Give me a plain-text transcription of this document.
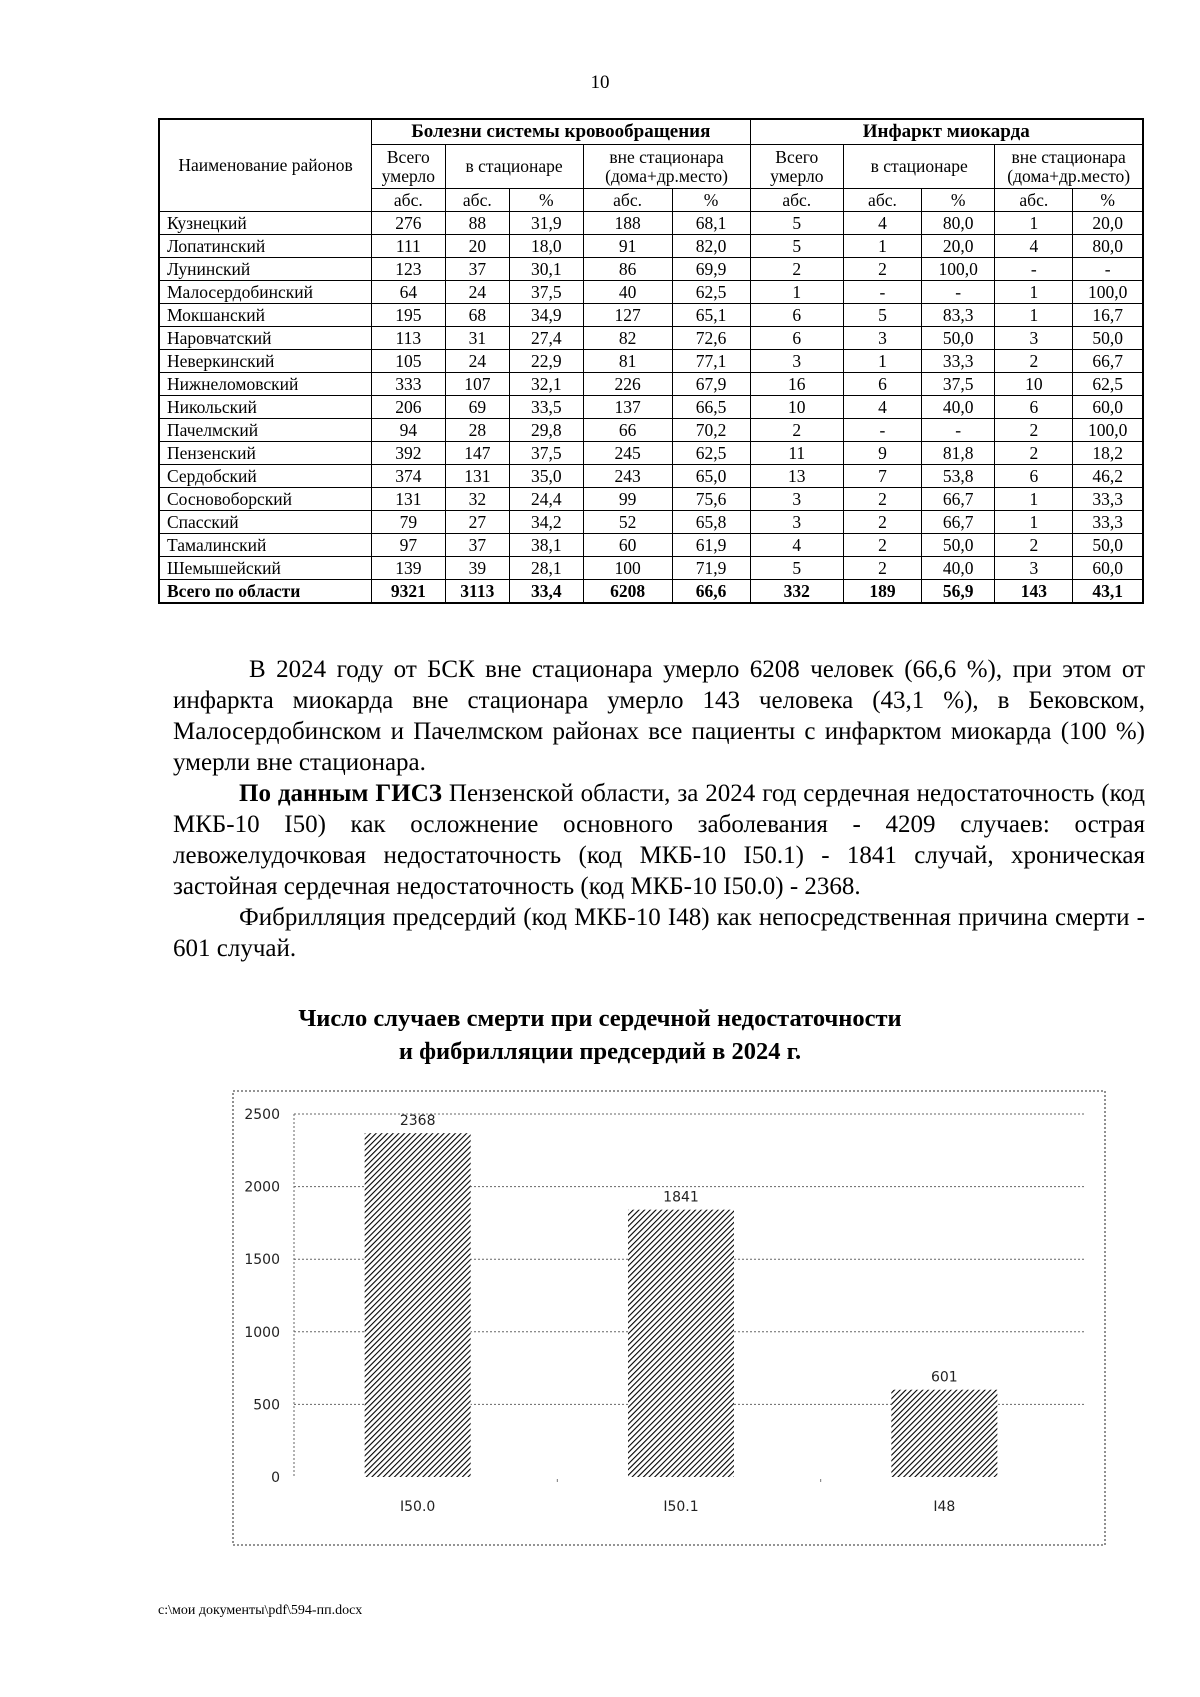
10
Наименование районов	Болезни системы кровообращения					Инфаркт миокарда				
	Всего умерло	в стационаре		вне стационара (дома+др.место)		Всего умерло	в стационаре		вне стационара (дома+др.место)	
	абс.	абс.	%	абс.	%	абс.	абс.	%	абс.	%
Кузнецкий	276	88	31,9	188	68,1	5	4	80,0	1	20,0
Лопатинский	111	20	18,0	91	82,0	5	1	20,0	4	80,0
Лунинский	123	37	30,1	86	69,9	2	2	100,0	-	-
Малосердобинский	64	24	37,5	40	62,5	1	-	-	1	100,0
Мокшанский	195	68	34,9	127	65,1	6	5	83,3	1	16,7
Наровчатский	113	31	27,4	82	72,6	6	3	50,0	3	50,0
Неверкинский	105	24	22,9	81	77,1	3	1	33,3	2	66,7
Нижнеломовский	333	107	32,1	226	67,9	16	6	37,5	10	62,5
Никольский	206	69	33,5	137	66,5	10	4	40,0	6	60,0
Пачелмский	94	28	29,8	66	70,2	2	-	-	2	100,0
Пензенский	392	147	37,5	245	62,5	11	9	81,8	2	18,2
Сердобский	374	131	35,0	243	65,0	13	7	53,8	6	46,2
Сосновоборский	131	32	24,4	99	75,6	3	2	66,7	1	33,3
Спасский	79	27	34,2	52	65,8	3	2	66,7	1	33,3
Тамалинский	97	37	38,1	60	61,9	4	2	50,0	2	50,0
Шемышейский	139	39	28,1	100	71,9	5	2	40,0	3	60,0
Всего по области	9321	3113	33,4	6208	66,6	332	189	56,9	143	43,1

В 2024 году от БСК вне стационара умерло 6208 человек (66,6 %), при этом от инфаркта миокарда вне стационара умерло 143 человека (43,1 %), в Бековском, Малосердобинском и Пачелмском районах все пациенты с инфарктом миокарда (100 %) умерли вне стационара.

По данным ГИСЗ Пензенской области, за 2024 год сердечная недостаточность (код МКБ-10 I50) как осложнение основного заболевания - 4209 случаев: острая левожелудочковая недостаточность (код МКБ-10 I50.1) - 1841 случай, хроническая застойная сердечная недостаточность (код МКБ-10 I50.0) - 2368.

Фибрилляция предсердий (код МКБ-10 I48) как непосредственная причина смерти - 601 случай.

Число случаев смерти при сердечной недостаточности
и фибрилляции предсердий в 2024 г.
0
500
1000
1500
2000
2500	2368
I50.0
1841
I50.1
601
I48
c:\мои документы\pdf\594-пп.docx
